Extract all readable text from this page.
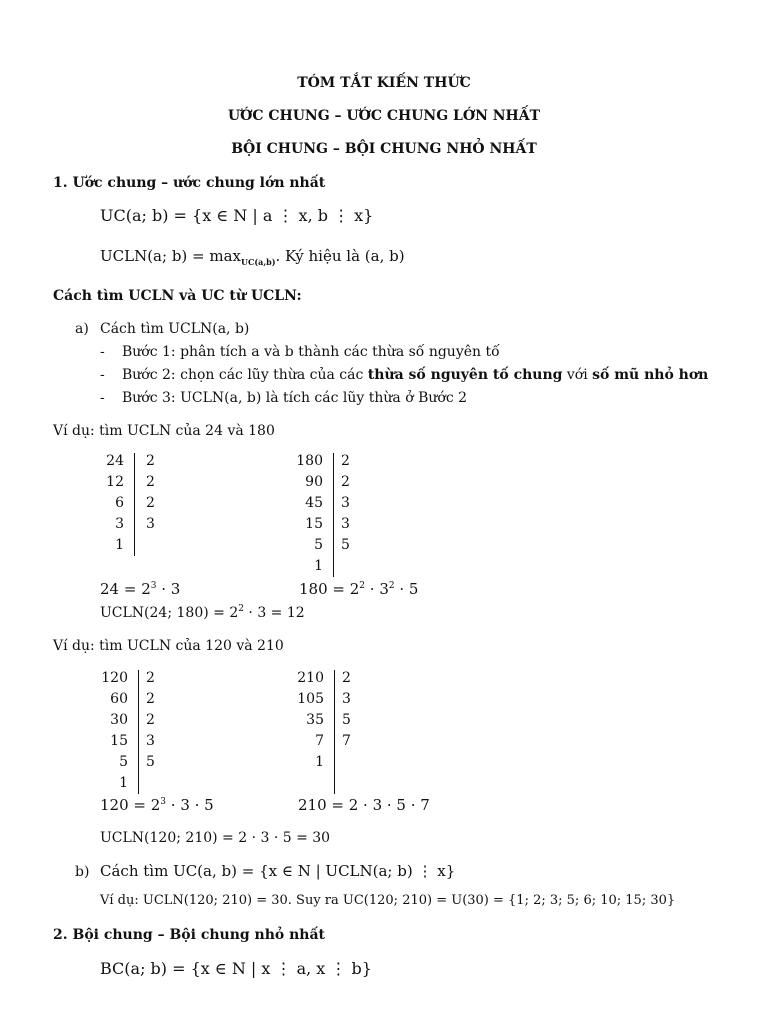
TÓM TẮT KIẾN THỨC
ƯỚC CHUNG – ƯỚC CHUNG LỚN NHẤT
BỘI CHUNG – BỘI CHUNG NHỎ NHẤT
1. Ước chung – ước chung lớn nhất
UC(a; b) = {x ∈ N | a ⋮ x, b ⋮ x}
UCLN(a; $b) = \max_{UC(a,b)}$. Ký hiệu là (a, b)
Cách tìm UCLN và UC từ UCLN:
a) Cách tìm UCLN(a, b)
- Bước 1: phân tích a và b thành các thừa số nguyên tố
- Bước 2: chọn các lũy thừa của các thừa số nguyên tố chung với số mũ nhỏ hơn
- Bước 3: UCLN(a, b) là tích các lũy thừa ở Bước 2
Ví dụ: tìm UCLN của 24 và 180
24
12
6
3
1
2
2
2
3
180
90
45
15
5
1
2
2
3
3
5
$24 = 2^3 \cdot 3$	$180 = 2^2 \cdot 3^2 \cdot 5$
UCLN(24; $180) = 2^2 \cdot 3 = 12$
Ví dụ: tìm UCLN của 120 và 210
120
60
30
15
5
1
2
2
2
3
5
210
105
35
7
1
2
3
5
7
$120 = 2^3 \cdot 3 \cdot 5$	210 = 2 · 3 · 5 · 7
UCLN(120; 210) = 2 · 3 · 5 = 30
b) Cách tìm UC(a, b) = {x ∈ N | UCLN(a; b) ⋮ x}
Ví dụ: UCLN(120; 210) = 30. Suy ra UC(120; 210) = U(30) = {1; 2; 3; 5; 6; 10; 15; 30}
2. Bội chung – Bội chung nhỏ nhất
BC(a; b) = {x ∈ N | x ⋮ a, x ⋮ b}
